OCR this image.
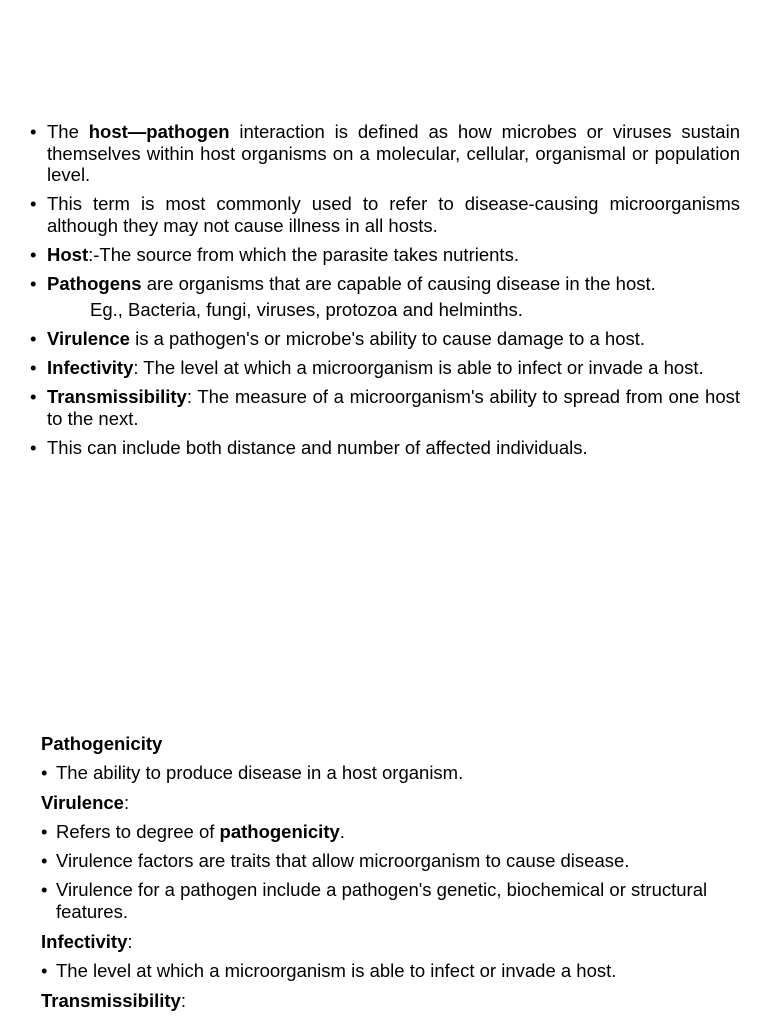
• The host—pathogen interaction is defined as how microbes or viruses sustain themselves within host organisms on a molecular, cellular, organismal or population level.
• This term is most commonly used to refer to disease-causing microorganisms although they may not cause illness in all hosts.
• Host:-The source from which the parasite takes nutrients.
• Pathogens are organisms that are capable of causing disease in the host.
Eg., Bacteria, fungi, viruses, protozoa and helminths.
• Virulence is a pathogen's or microbe's ability to cause damage to a host.
• Infectivity: The level at which a microorganism is able to infect or invade a host.
• Transmissibility: The measure of a microorganism's ability to spread from one host to the next.
• This can include both distance and number of affected individuals.
Pathogenicity
• The ability to produce disease in a host organism.
Virulence:
• Refers to degree of pathogenicity.
• Virulence factors are traits that allow microorganism to cause disease.
• Virulence for a pathogen include a pathogen's genetic, biochemical or structural features.
Infectivity:
• The level at which a microorganism is able to infect or invade a host.
Transmissibility:
